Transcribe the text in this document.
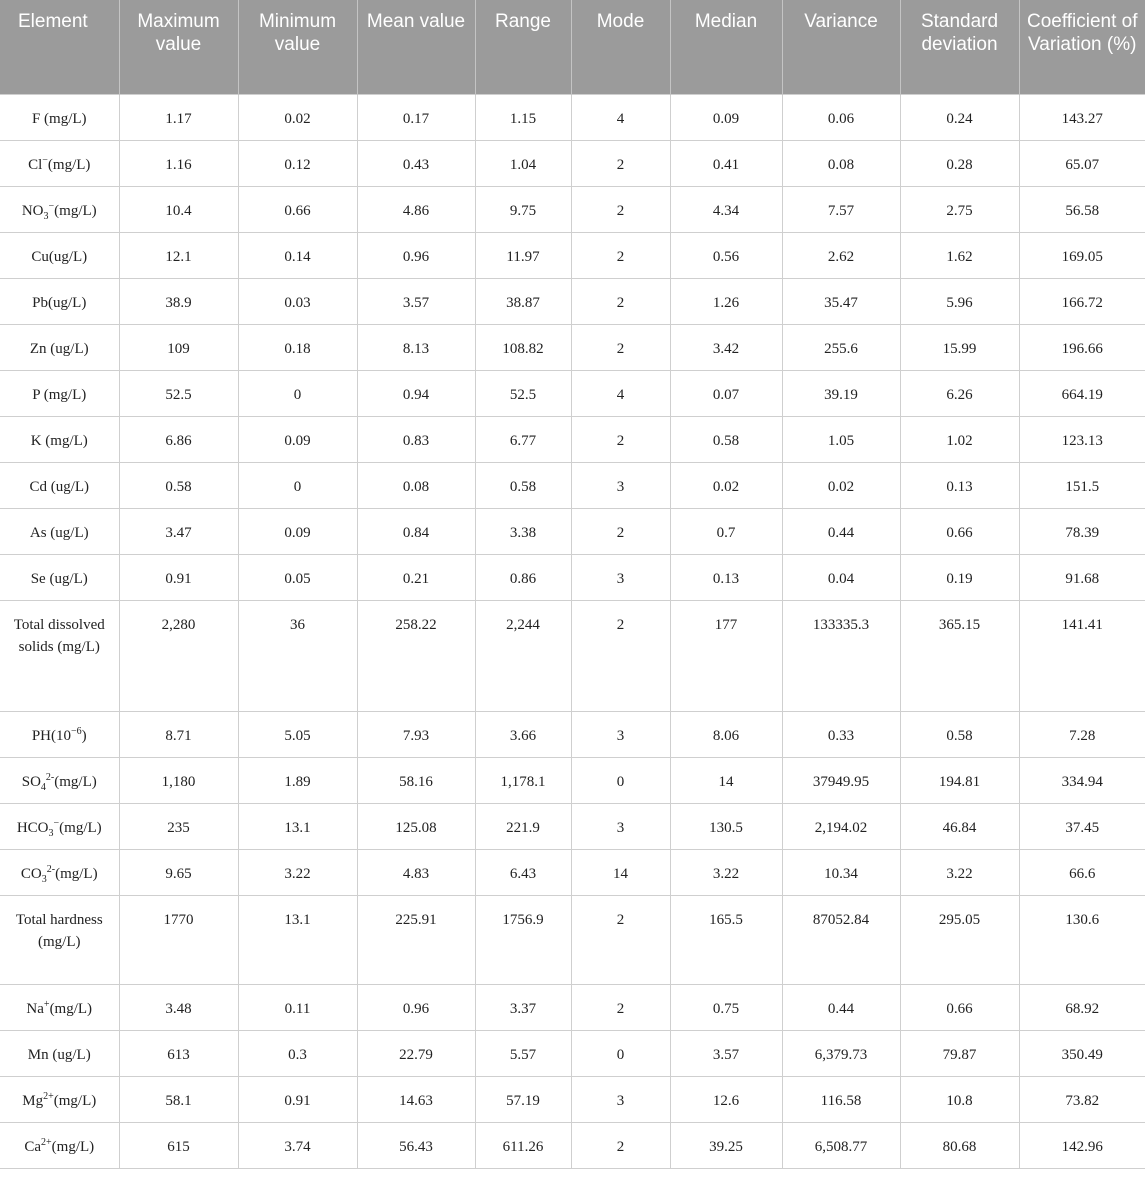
Element	Maximum value	Minimum value	Mean value	Range	Mode	Median	Variance	Standard deviation	Coefficient of Variation (%)
F (mg/L)	1.17	0.02	0.17	1.15	4	0.09	0.06	0.24	143.27
Cl−(mg/L)	1.16	0.12	0.43	1.04	2	0.41	0.08	0.28	65.07
$NO_3^-(mg/L)$	10.4	0.66	4.86	9.75	2	4.34	7.57	2.75	56.58
Cu(ug/L)	12.1	0.14	0.96	11.97	2	0.56	2.62	1.62	169.05
Pb(ug/L)	38.9	0.03	3.57	38.87	2	1.26	35.47	5.96	166.72
Zn (ug/L)	109	0.18	8.13	108.82	2	3.42	255.6	15.99	196.66
P (mg/L)	52.5	0	0.94	52.5	4	0.07	39.19	6.26	664.19
K (mg/L)	6.86	0.09	0.83	6.77	2	0.58	1.05	1.02	123.13
Cd (ug/L)	0.58	0	0.08	0.58	3	0.02	0.02	0.13	151.5
As (ug/L)	3.47	0.09	0.84	3.38	2	0.7	0.44	0.66	78.39
Se (ug/L)	0.91	0.05	0.21	0.86	3	0.13	0.04	0.19	91.68
Total dissolved solids (mg/L)	2,280	36	258.22	2,244	2	177	133335.3	365.15	141.41
$PH(10^{-6})$	8.71	5.05	7.93	3.66	3	8.06	0.33	0.58	7.28
$SO_4^{2-}(mg/L)$	1,180	1.89	58.16	1,178.1	0	14	37949.95	194.81	334.94
$HCO_3^-(mg/L)$	235	13.1	125.08	221.9	3	130.5	2,194.02	46.84	37.45
$CO_3^{2-}(mg/L)$	9.65	3.22	4.83	6.43	14	3.22	10.34	3.22	66.6
Total hardness (mg/L)	1770	13.1	225.91	1756.9	2	165.5	87052.84	295.05	130.6
Na+(mg/L)	3.48	0.11	0.96	3.37	2	0.75	0.44	0.66	68.92
Mn (ug/L)	613	0.3	22.79	5.57	0	3.57	6,379.73	79.87	350.49
$Mg^{2+}(mg/L)$	58.1	0.91	14.63	57.19	3	12.6	116.58	10.8	73.82
$Ca^{2+}(mg/L)$	615	3.74	56.43	611.26	2	39.25	6,508.77	80.68	142.96
